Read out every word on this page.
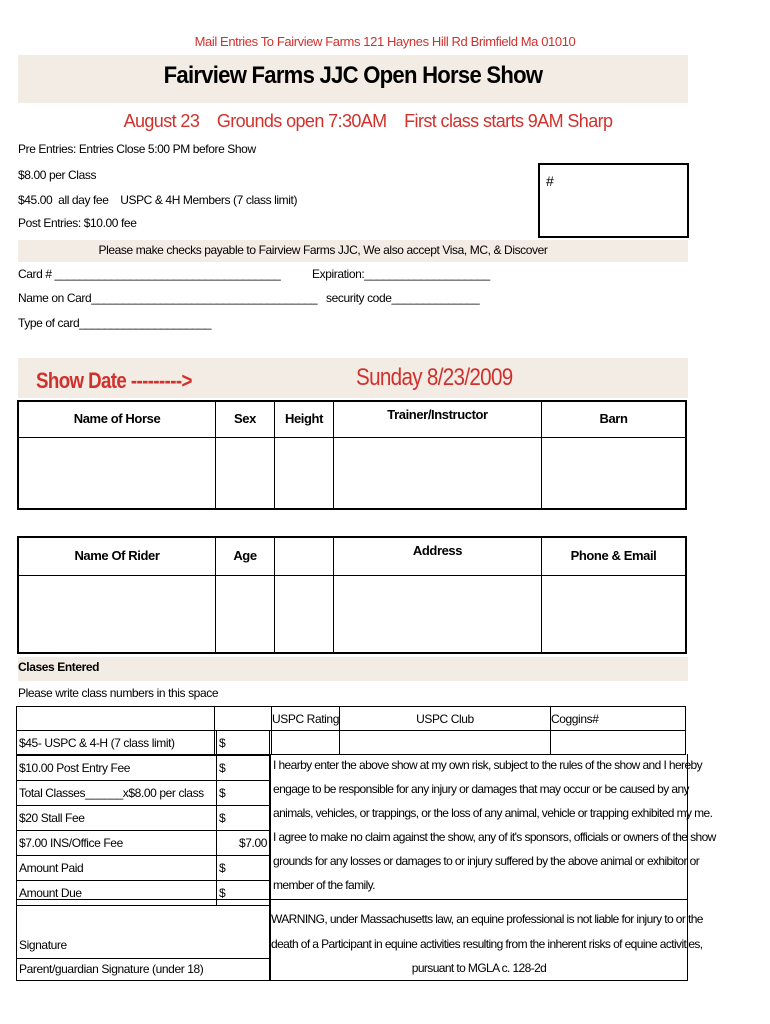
Mail Entries To Fairview Farms 121 Haynes Hill Rd Brimfield Ma 01010
Fairview Farms JJC Open Horse Show
August 23    Grounds open 7:30AM    First class starts 9AM Sharp
Pre Entries: Entries Close 5:00 PM before Show
$8.00 per Class
$45.00  all day fee    USPC & 4H Members (7 class limit)
Post Entries: $10.00 fee
#
Please make checks payable to Fairview Farms JJC, We also accept Visa, MC, & Discover
Card # ____________________________________	Expiration:____________________
Name on Card____________________________________ security code______________
Type of card_____________________
Show Date --------->	Sunday 8/23/2009
Name of Horse	Sex	Height	Trainer/Instructor	Barn

Name Of Rider	Age		Address	Phone & Email

Clases Entered
Please write class numbers in this space
		USPC Rating	USPC Club	Coggins#

$45- USPC & 4-H (7 class limit)	$
$10.00 Post Entry Fee	$
Total Classes______x$8.00 per class $
$20 Stall Fee	$
$7.00 INS/Office Fee	$7.00
Amount Paid	$
Amount Due	$
I hearby enter the above show at my own risk, subject to the rules of the show and I hereby
engage to be responsible for any injury or damages that may occur or be caused by any
animals, vehicles, or trappings, or the loss of any animal, vehicle or trapping exhibited my me.
I agree to make no claim against the show, any of it's sponsors, officials or owners of the show
grounds for any losses or damages to or injury suffered by the above animal or exhibitor or
member of the family.
Signature
Parent/guardian Signature (under 18)
WARNING, under Massachusetts law, an equine professional is not liable for injury to or the
death of a Participant in equine activities resulting from the inherent risks of equine activities,
pursuant to MGLA c. 128-2d
